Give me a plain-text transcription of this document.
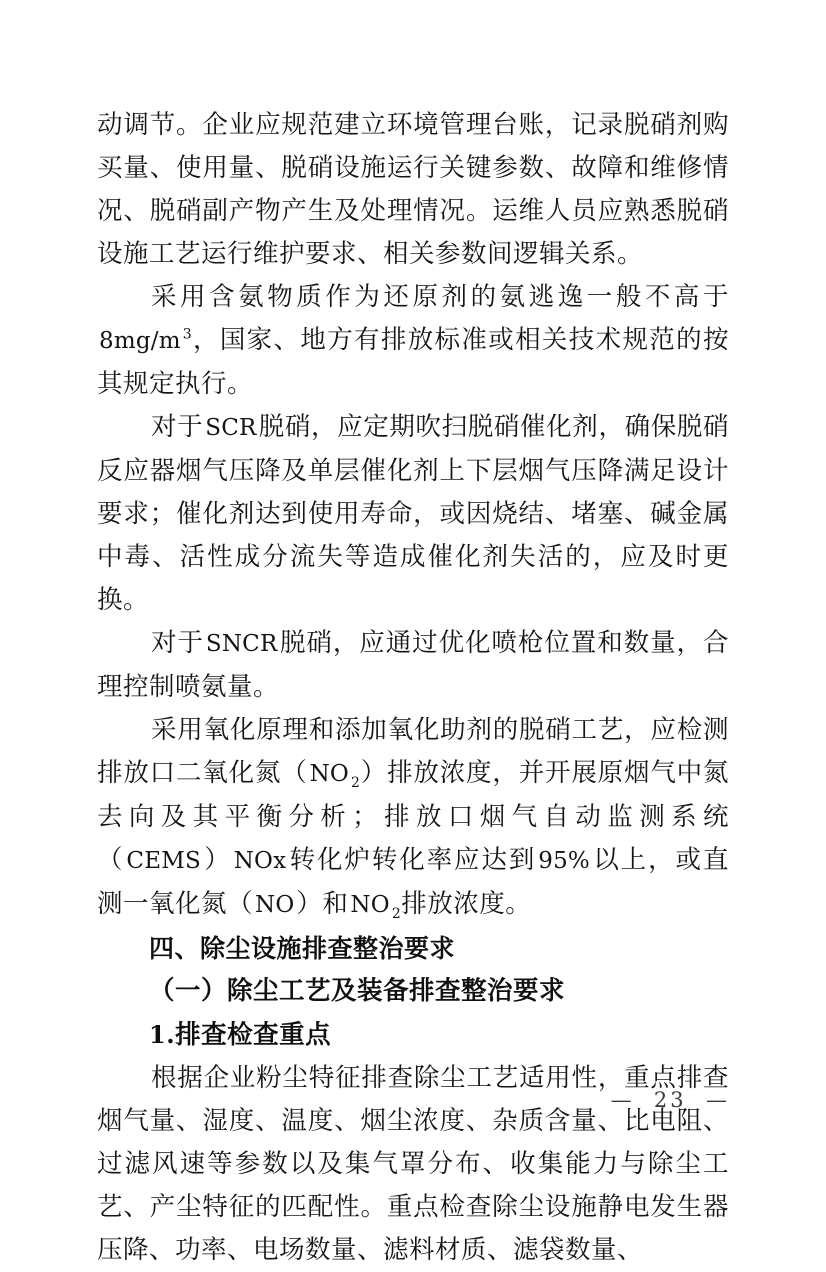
动调节。企业应规范建立环境管理台账，记录脱硝剂购买量、使用量、脱硝设施运行关键参数、故障和维修情况、脱硝副产物产生及处理情况。运维人员应熟悉脱硝设施工艺运行维护要求、相关参数间逻辑关系。

采用含氨物质作为还原剂的氨逃逸一般不高于8mg/m $^3$，国家、地方有排放标准或相关技术规范的按其规定执行。

对于SCR脱硝，应定期吹扫脱硝催化剂，确保脱硝反应器烟气压降及单层催化剂上下层烟气压降满足设计要求；催化剂达到使用寿命，或因烧结、堵塞、碱金属中毒、活性成分流失等造成催化剂失活的，应及时更换。

对于SNCR脱硝，应通过优化喷枪位置和数量，合理控制喷氨量。

采用氧化原理和添加氧化助剂的脱硝工艺，应检测排放口二氧化氮（NO $_2$）排放浓度，并开展原烟气中氮去向及其平衡分析；排放口烟气自动监测系统（CEMS）NOx转化炉转化率应达到95%以上，或直测一氧化氮（NO）和NO $_2$排放浓度。

四、除尘设施排查整治要求
（一）除尘工艺及装备排查整治要求
1.排查检查重点

根据企业粉尘特征排查除尘工艺适用性，重点排查烟气量、湿度、温度、烟尘浓度、杂质含量、比电阻、过滤风速等参数以及集气罩分布、收集能力与除尘工艺、产尘特征的匹配性。重点检查除尘设施静电发生器压降、功率、电场数量、滤料材质、滤袋数量、

—  23  —
